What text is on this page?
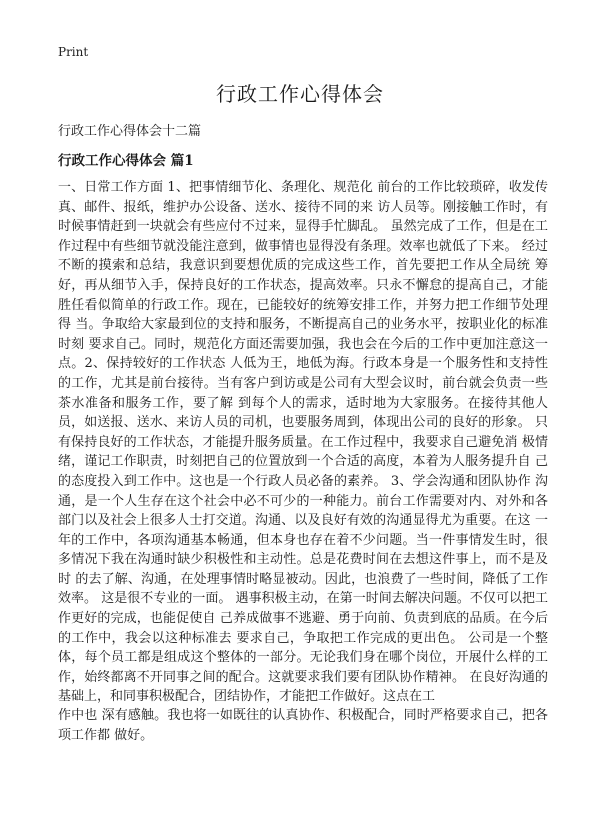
Print
行政工作心得体会
行政工作心得体会十二篇
行政工作心得体会 篇1

一、日常工作方面 1、把事情细节化、条理化、规范化 前台的工作比较琐碎，收发传真、邮件、报纸，维护办公设备、送水、接待不同的来 访人员等。刚接触工作时，有时候事情赶到一块就会有些应付不过来，显得手忙脚乱。 虽然完成了工作，但是在工作过程中有些细节就没能注意到，做事情也显得没有条理。效率也就低了下来。 经过不断的摸索和总结，我意识到要想优质的完成这些工作，首先要把工作从全局统 筹好，再从细节入手，保持良好的工作状态，提高效率。只永不懈怠的提高自己，才能 胜任看似简单的行政工作。现在，已能较好的统筹安排工作，并努力把工作细节处理得 当。争取给大家最到位的支持和服务，不断提高自己的业务水平，按职业化的标准时刻 要求自己。同时，规范化方面还需要加强，我也会在今后的工作中更加注意这一点。2、保持较好的工作状态 人低为王，地低为海。行政本身是一个服务性和支持性的工作，尤其是前台接待。当有客户到访或是公司有大型会议时，前台就会负责一些茶水准备和服务工作，要了解 到每个人的需求，适时地为大家服务。在接待其他人员，如送报、送水、来访人员的司机，也要服务周到，体现出公司的良好的形象。 只有保持良好的工作状态，才能提升服务质量。在工作过程中，我要求自己避免消 极情绪，谨记工作职责，时刻把自己的位置放到一个合适的高度，本着为人服务提升自 己的态度投入到工作中。这也是一个行政人员必备的素养。 3、学会沟通和团队协作 沟通，是一个人生存在这个社会中必不可少的一种能力。前台工作需要对内、对外和各部门以及社会上很多人士打交道。沟通、以及良好有效的沟通显得尤为重要。在这 一年的工作中，各项沟通基本畅通，但本身也存在着不少问题。当一件事情发生时，很 多情况下我在沟通时缺少积极性和主动性。总是花费时间在去想这件事上，而不是及时 的去了解、沟通，在处理事情时略显被动。因此，也浪费了一些时间，降低了工作效率。 这是很不专业的一面。 遇事积极主动，在第一时间去解决问题。不仅可以把工作更好的完成，也能促使自 己养成做事不逃避、勇于向前、负责到底的品质。在今后的工作中，我会以这种标准去 要求自己，争取把工作完成的更出色。 公司是一个整体，每个员工都是组成这个整体的一部分。无论我们身在哪个岗位，开展什么样的工作，始终都离不开同事之间的配合。这就要求我们要有团队协作精神。 在良好沟通的基础上，和同事积极配合，团结协作，才能把工作做好。这点在工

作中也 深有感触。我也将一如既往的认真协作、积极配合，同时严格要求自己，把各项工作都 做好。
